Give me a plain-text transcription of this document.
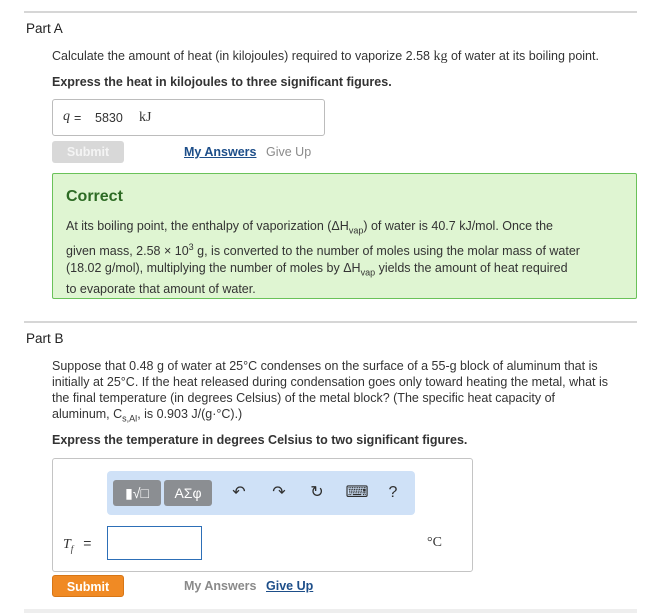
Part A
Calculate the amount of heat (in kilojoules) required to vaporize 2.58 kg of water at its boiling point.
Express the heat in kilojoules to three significant figures.
q = 5830 kJ
Submit	My Answers Give Up
Correct
At its boiling point, the enthalpy of vaporization $(\Delta H_{vap})$ of water is 40.7 kJ/mol. Once the
given mass, $2.58 \times 10^3$ g, is converted to the number of moles using the molar mass of water
(18.02 g/mol), multiplying the number of moles by $\Delta H_{vap}$ yields the amount of heat required
to evaporate that amount of water.
Part B
Suppose that 0.48 g of water at 25°C condenses on the surface of a 55-g block of aluminum that is
initially at 25°C. If the heat released during condensation goes only toward heating the metal, what is
the final temperature (in degrees Celsius) of the metal block? (The specific heat capacity of
aluminum, $C_{s,Al}$, is 0.903 J/(g·°C).)
Express the temperature in degrees Celsius to two significant figures.
▮√□	ΑΣφ	↶ ↷ ↻ ⌨	?
$T_f$ =	°C
Submit	My Answers Give Up
